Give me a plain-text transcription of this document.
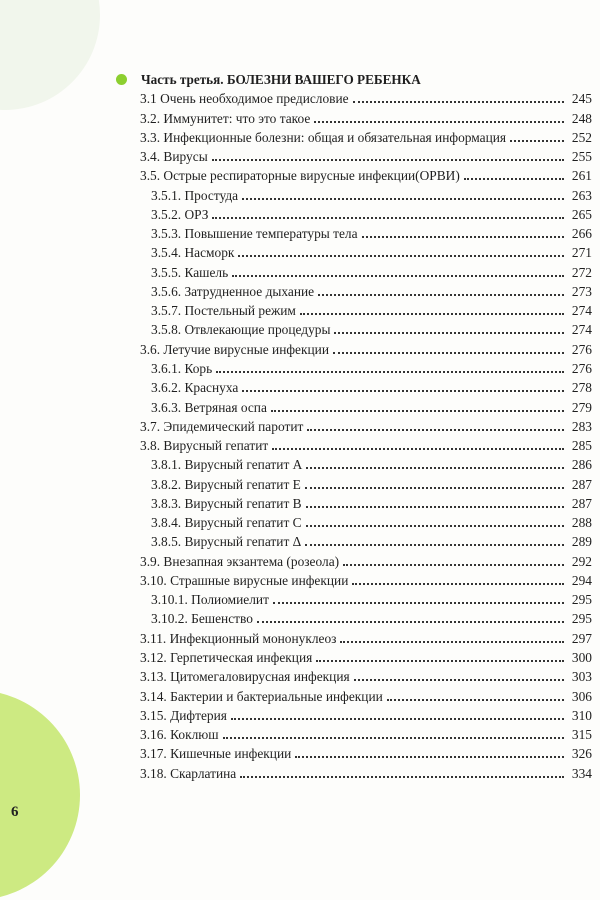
Часть третья. БОЛЕЗНИ ВАШЕГО РЕБЕНКА
3.1 Очень необходимое предисловие	245
3.2. Иммунитет: что это такое	248
3.3. Инфекционные болезни: общая и обязательная информация	252
3.4. Вирусы	255
3.5. Острые респираторные вирусные инфекции(ОРВИ)	261
3.5.1. Простуда	263
3.5.2. ОРЗ	265
3.5.3. Повышение температуры тела	266
3.5.4. Насморк	271
3.5.5. Кашель	272
3.5.6. Затрудненное дыхание	273
3.5.7. Постельный режим	274
3.5.8. Отвлекающие процедуры	274
3.6. Летучие вирусные инфекции	276
3.6.1. Корь	276
3.6.2. Краснуха	278
3.6.3. Ветряная оспа	279
3.7. Эпидемический паротит	283
3.8. Вирусный гепатит	285
3.8.1. Вирусный гепатит А	286
3.8.2. Вирусный гепатит Е	287
3.8.3. Вирусный гепатит В	287
3.8.4. Вирусный гепатит С	288
3.8.5. Вирусный гепатит Δ	289
3.9. Внезапная экзантема (розеола)	292
3.10. Страшные вирусные инфекции	294
3.10.1. Полиомиелит	295
3.10.2. Бешенство	295
3.11. Инфекционный мононуклеоз	297
3.12. Герпетическая инфекция	300
3.13. Цитомегаловирусная инфекция	303
3.14. Бактерии и бактериальные инфекции	306
3.15. Дифтерия	310
3.16. Коклюш	315
3.17. Кишечные инфекции	326
3.18. Скарлатина	334
6
